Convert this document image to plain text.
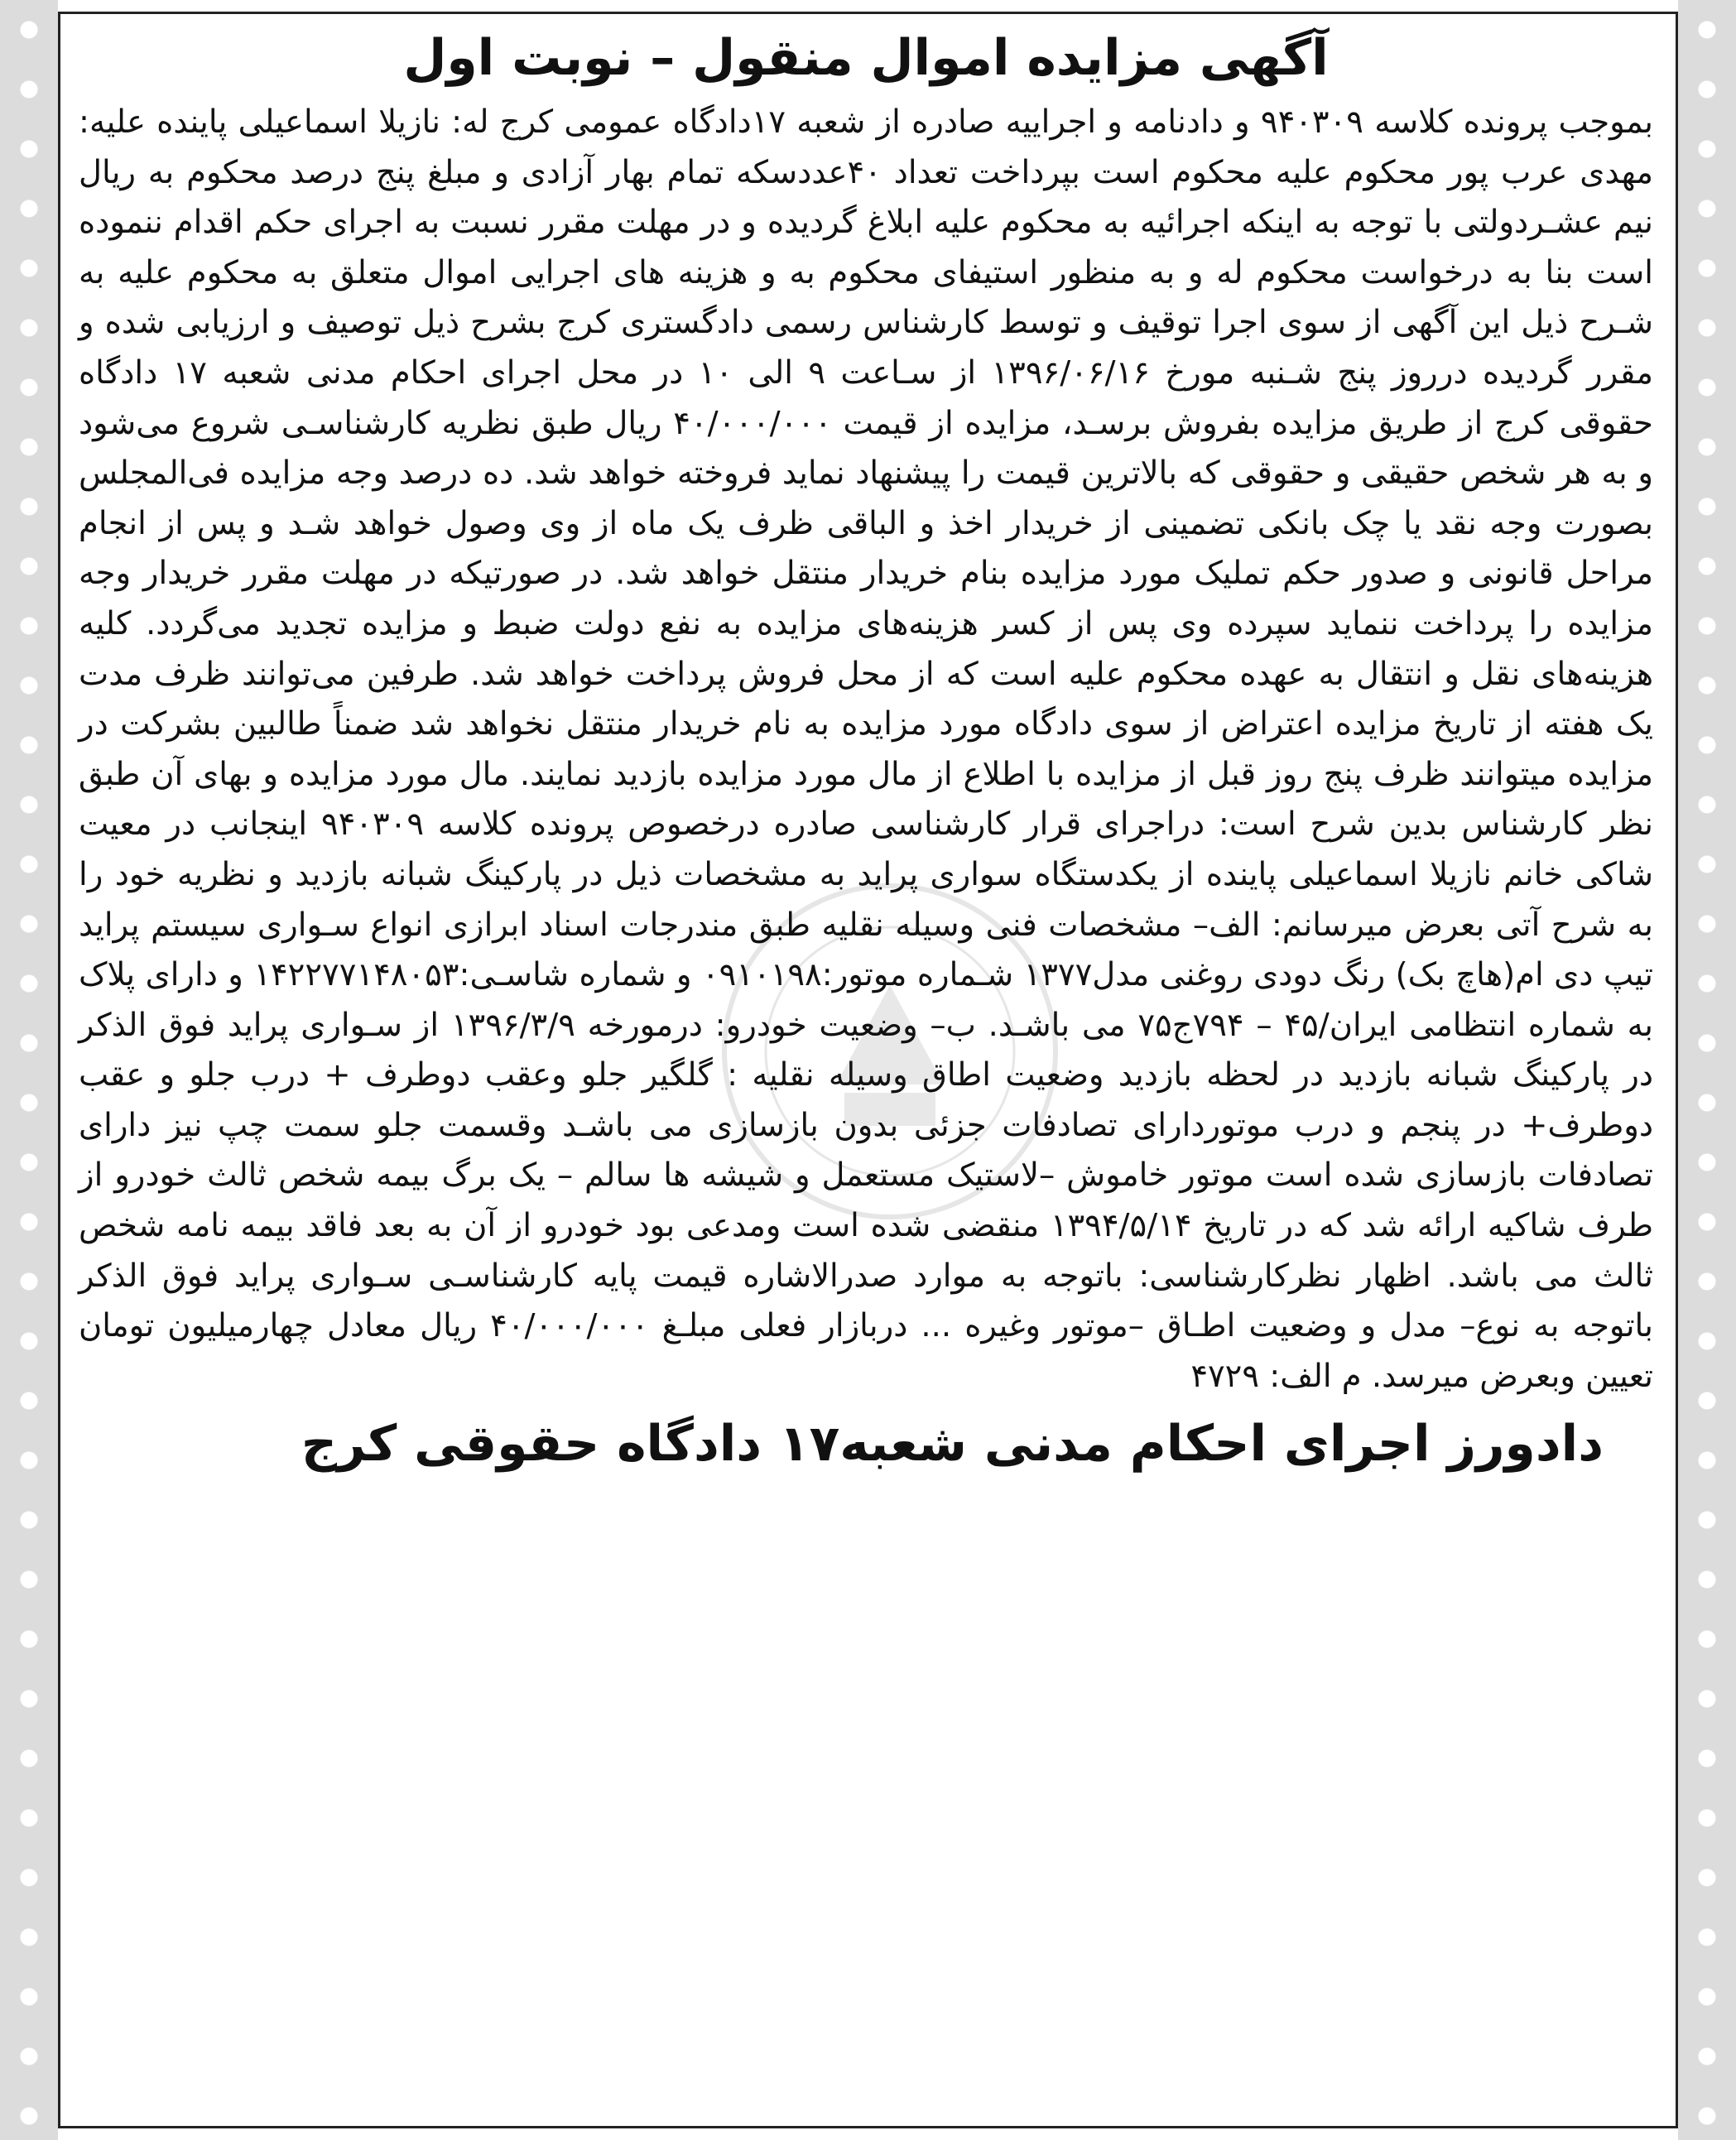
آگهی مزایده اموال منقول – نوبت اول

بموجب پرونده کلاسه ۹۴۰۳۰۹ و دادنامه و اجراییه صادره از شعبه ۱۷دادگاه عمومی کرج له: نازیلا اسماعیلی پاینده علیه: مهدی عرب پور محکوم علیه محکوم است بپرداخت تعداد ۴۰عددسکه تمام بهار آزادی و مبلغ پنج درصد محکوم به ریال نیم عشـردولتی با توجه به اینکه اجرائیه به محکوم علیه ابلاغ گردیده و در مهلت مقرر نسبت به اجرای حکم اقدام ننموده است بنا به درخواست محکوم له و به منظور استیفای محکوم به و هزینه های اجرایی اموال متعلق به محکوم علیه به شـرح ذیل این آگهی از سوی اجرا توقیف و توسط کارشناس رسمی دادگستری کرج بشرح ذیل توصیف و ارزیابی شده و مقرر گردیده درروز پنج شـنبه مورخ ۱۳۹۶/۰۶/۱۶ از سـاعت ۹ الی ۱۰ در محل اجرای احکام مدنی شعبه ۱۷ دادگاه حقوقی کرج از طریق مزایده بفروش برسـد، مزایده از قیمت ۴۰/۰۰۰/۰۰۰ ریال طبق نظریه کارشناسـی شروع می‌شود و به هر شخص حقیقی و حقوقی که بالاترین قیمت را پیشنهاد نماید فروخته خواهد شد. ده درصد وجه مزایده فی‌المجلس بصورت وجه نقد یا چک بانکی تضمینی از خریدار اخذ و الباقی ظرف یک ماه از وی وصول خواهد شـد و پس از انجام مراحل قانونی و صدور حکم تملیک مورد مزایده بنام خریدار منتقل خواهد شد. در صورتیکه در مهلت مقرر خریدار وجه مزایده را پرداخت ننماید سپرده وی پس از کسر هزینه‌های مزایده به نفع دولت ضبط و مزایده تجدید می‌گردد. کلیه هزینه‌های نقل و انتقال به عهده محکوم علیه است که از محل فروش پرداخت خواهد شد. طرفین می‌توانند ظرف مدت یک هفته از تاریخ مزایده اعتراض از سوی دادگاه مورد مزایده به نام خریدار منتقل نخواهد شد ضمناً طالبین بشرکت در مزایده میتوانند ظرف پنج روز قبل از مزایده با اطلاع از مال مورد مزایده بازدید نمایند. مال مورد مزایده و بهای آن طبق نظر کارشناس بدین شرح است: دراجرای قرار کارشناسی صادره درخصوص پرونده کلاسه ۹۴۰۳۰۹ اینجانب در معیت شاکی خانم نازیلا اسماعیلی پاینده از یکدستگاه سواری پراید به مشخصات ذیل در پارکینگ شبانه بازدید و نظریه خود را به شرح آتی بعرض میرسانم: الف– مشخصات فنی وسیله نقلیه طبق مندرجات اسناد ابرازی انواع سـواری سیستم پراید تیپ دی ام(هاچ بک) رنگ دودی روغنی مدل۱۳۷۷ شـماره موتور:۰۹۱۰۱۹۸ و شماره شاسـی:۱۴۲۲۷۷۱۴۸۰۵۳ و دارای پلاک به شماره انتظامی ایران/۴۵ – ۷۹۴ج۷۵ می باشـد. ب– وضعیت خودرو: درمورخه ۱۳۹۶/۳/۹ از سـواری پراید فوق الذکر در پارکینگ شبانه بازدید در لحظه بازدید وضعیت اطاق وسیله نقلیه : گلگیر جلو وعقب دوطرف + درب جلو و عقب دوطرف+ در پنجم و درب موتوردارای تصادفات جزئی بدون بازسازی می باشـد وقسمت جلو سمت چپ نیز دارای تصادفات بازسازی شده است موتور خاموش –لاستیک مستعمل و شیشه ها سالم – یک برگ بیمه شخص ثالث خودرو از طرف شاکیه ارائه شد که در تاریخ ۱۳۹۴/۵/۱۴ منقضی شده است ومدعی بود خودرو از آن به بعد فاقد بیمه نامه شخص ثالث می باشد. اظهار نظرکارشناسی: باتوجه به موارد صدرالاشاره قیمت پایه کارشناسـی سـواری پراید فوق الذکر باتوجه به نوع– مدل و وضعیت اطـاق –موتور وغیره ... دربازار فعلی مبلـغ ۴۰/۰۰۰/۰۰۰ ریال معادل چهارمیلیون تومان تعیین وبعرض میرسد. م الف: ۴۷۲۹

دادورز اجرای احکام مدنی شعبه۱۷ دادگاه حقوقی کرج
